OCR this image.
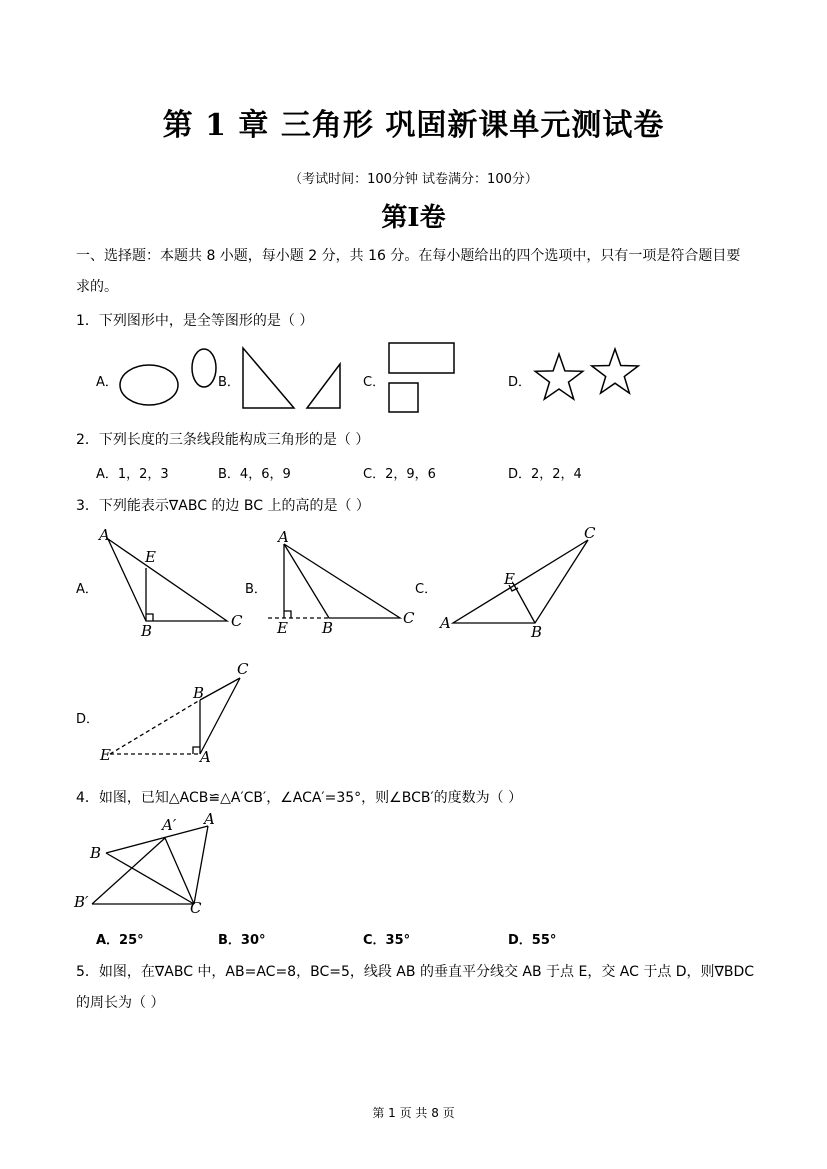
第 1 章 三角形 巩固新课单元测试卷
（考试时间：100分钟 试卷满分：100分）
第Ⅰ卷
一、选择题：本题共 8 小题，每小题 2 分，共 16 分。在每小题给出的四个选项中，只有一项是符合题目要
求的。
1．下列图形中，是全等图形的是（ ）
A．	B．	C．	D．
2．下列长度的三条线段能构成三角形的是（ ）
A．1，2，3	B．4，6，9	C．2，9，6	D．2，2，4
3．下列能表示∇ABC 的边 BC 上的高的是（ ）
A．	B．	C．
D．
A
E
B
C
A
E B
C
C
E
A	B
C
B
E	A
4．如图，已知△ACB≌△A′CB′，∠ACA′=35°，则∠BCB′的度数为（ ）
A′ A
B
B′	C
A．25°	B．30°	C．35°	D．55°
5．如图，在∇ABC 中，AB=AC=8，BC=5，线段 AB 的垂直平分线交 AB 于点 E，交 AC 于点 D，则∇BDC
的周长为（ ）
第 1 页 共 8 页
